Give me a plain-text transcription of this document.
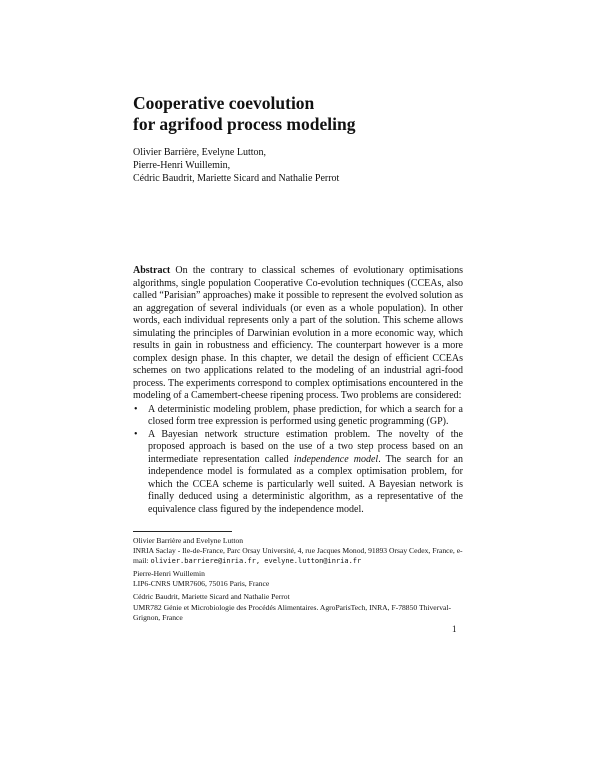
Cooperative coevolution
for agrifood process modeling
Olivier Barrière, Evelyne Lutton,
Pierre-Henri Wuillemin,
Cédric Baudrit, Mariette Sicard and Nathalie Perrot

Abstract On the contrary to classical schemes of evolutionary optimisations algorithms, single population Cooperative Co-evolution techniques (CCEAs, also called “Parisian” approaches) make it possible to represent the evolved solution as an aggregation of several individuals (or even as a whole population). In other words, each individual represents only a part of the solution. This scheme allows simulating the principles of Darwinian evolution in a more economic way, which results in gain in robustness and efficiency. The counterpart however is a more complex design phase. In this chapter, we detail the design of efficient CCEAs schemes on two applications related to the modeling of an industrial agri-food process. The experiments correspond to complex optimisations encountered in the modeling of a Camembert-cheese ripening process. Two problems are considered:

• A deterministic modeling problem, phase prediction, for which a search for a closed form tree expression is performed using genetic programming (GP).
• A Bayesian network structure estimation problem. The novelty of the proposed approach is based on the use of a two step process based on an intermediate representation called independence model. The search for an independence model is formulated as a complex optimisation problem, for which the CCEA scheme is particularly well suited. A Bayesian network is finally deduced using a deterministic algorithm, as a representative of the equivalence class figured by the independence model.
Olivier Barrière and Evelyne Lutton
INRIA Saclay - Ile-de-France, Parc Orsay Université, 4, rue Jacques Monod, 91893 Orsay Cedex, France, e-mail: olivier.barriere@inria.fr, evelyne.lutton@inria.fr
Pierre-Henri Wuillemin
LIP6-CNRS UMR7606, 75016 Paris, France
Cédric Baudrit, Mariette Sicard and Nathalie Perrot
UMR782 Génie et Microbiologie des Procédés Alimentaires. AgroParisTech, INRA, F-78850 Thiverval-Grignon, France
1
